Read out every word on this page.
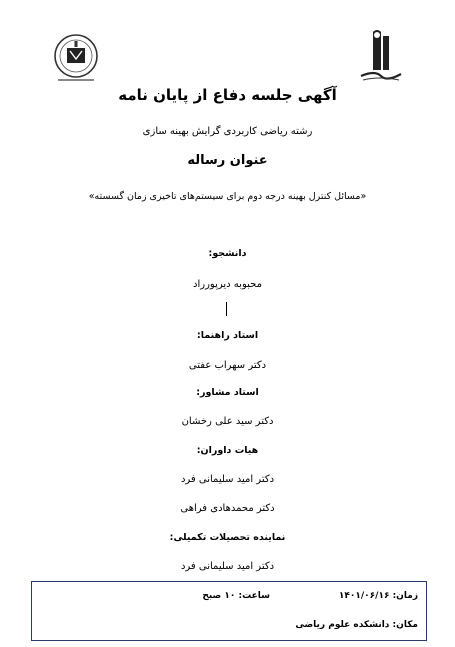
آگهی جلسه دفاع از پایان نامه
رشته ریاضی کاربردی گرایش بهینه سازی
عنوان رساله
«مسائل کنترل بهینه درجه دوم برای سیستم‌های تاخیری زمان گسسته»
دانشجو:
محبوبه دیرپورراد
استاد راهنما:
دکتر سهراب عفتی
استاد مشاور:
دکتر سید علی رخشان
هیات داوران:
دکتر امید سلیمانی فرد
دکتر محمدهادی فراهی
نماینده تحصیلات تکمیلی:
دکتر امید سلیمانی فرد
زمان: ۱۴۰۱/۰۶/۱۶
ساعت: ۱۰ صبح
مکان: دانشکده علوم ریاضی
